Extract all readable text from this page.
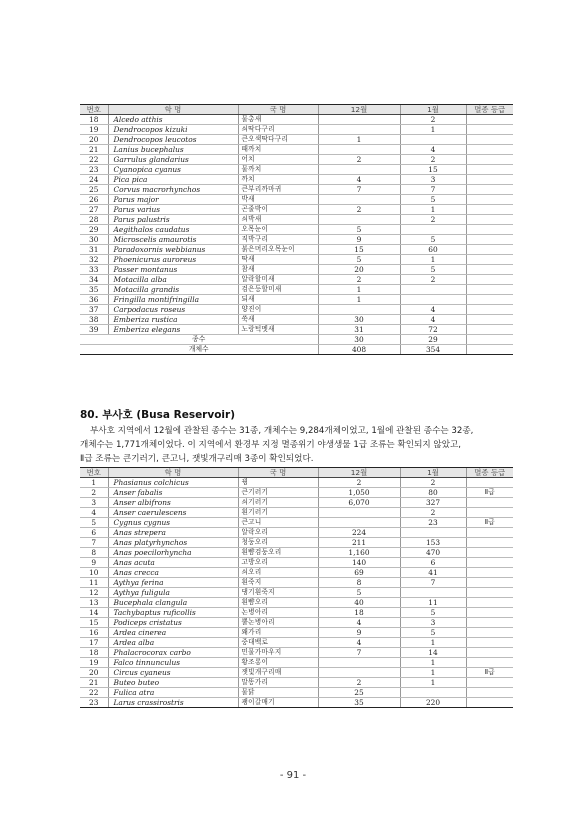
번호	학 명	국 명	12월	1월	멸종 등급
18	Alcedo atthis	물총새		2	
19	Dendrocopos kizuki	쇠딱다구리		1	
20	Dendrocopos leucotos	큰오색딱다구리	1		
21	Lanius bucephalus	때까치		4	
22	Garrulus glandarius	어치	2	2	
23	Cyanopica cyanus	물까치		15	
24	Pica pica	까치	4	3	
25	Corvus macrorhynchos	큰부리까마귀	7	7	
26	Parus major	박새		5	
27	Parus varius	곤줄박이	2	1	
28	Parus palustris	쇠박새		2	
29	Aegithalos caudatus	오목눈이	5		
30	Microscelis amaurotis	직박구리	9	5	
31	Paradoxornis webbianus	붉은머리오목눈이	15	60	
32	Phoenicurus auroreus	딱새	5	1	
33	Passer montanus	참새	20	5	
34	Motacilla alba	알락할미새	2	2	
35	Motacilla grandis	검은등할미새	1		
36	Fringilla montifringilla	되새	1		
37	Carpodacus roseus	양진이		4	
38	Emberiza rustica	쑥새	30	4	
39	Emberiza elegans	노랑턱멧새	31	72	
종수			30	29	
개체수			408	354	
80. 부사호 (Busa Reservoir)

부사호 지역에서 12월에 관찰된 종수는 31종, 개체수는 9,284개체이었고, 1월에 관찰된 종수는 32종,

개체수는 1,771개체이었다. 이 지역에서 환경부 지정 멸종위기 야생생물 1급 조류는 확인되지 않았고,

Ⅱ급 조류는 큰기러기, 큰고니, 잿빛개구리매 3종이 확인되었다.

번호	학 명	국 명	12월	1월	멸종 등급
1	Phasianus colchicus	꿩	2	2	
2	Anser fabalis	큰기러기	1,050	80	Ⅱ급
3	Anser albifrons	쇠기러기	6,070	327	
4	Anser caerulescens	흰기러기		2	
5	Cygnus cygnus	큰고니		23	Ⅱ급
6	Anas strepera	알락오리	224		
7	Anas platyrhynchos	청둥오리	211	153	
8	Anas poecilorhyncha	흰뺨검둥오리	1,160	470	
9	Anas acuta	고방오리	140	6	
10	Anas crecca	쇠오리	69	41	
11	Aythya ferina	흰죽지	8	7	
12	Aythya fuligula	댕기흰죽지	5		
13	Bucephala clangula	흰뺨오리	40	11	
14	Tachybaptus ruficollis	논병아리	18	5	
15	Podiceps cristatus	뿔논병아리	4	3	
16	Ardea cinerea	왜가리	9	5	
17	Ardea alba	중대백로	4	1	
18	Phalacrocorax carbo	민물가마우지	7	14	
19	Falco tinnunculus	황조롱이		1	
20	Circus cyaneus	잿빛개구리매		1	Ⅱ급
21	Buteo buteo	말똥가리	2	1	
22	Fulica atra	물닭	25		
23	Larus crassirostris	괭이갈매기	35	220	
- 91 -
